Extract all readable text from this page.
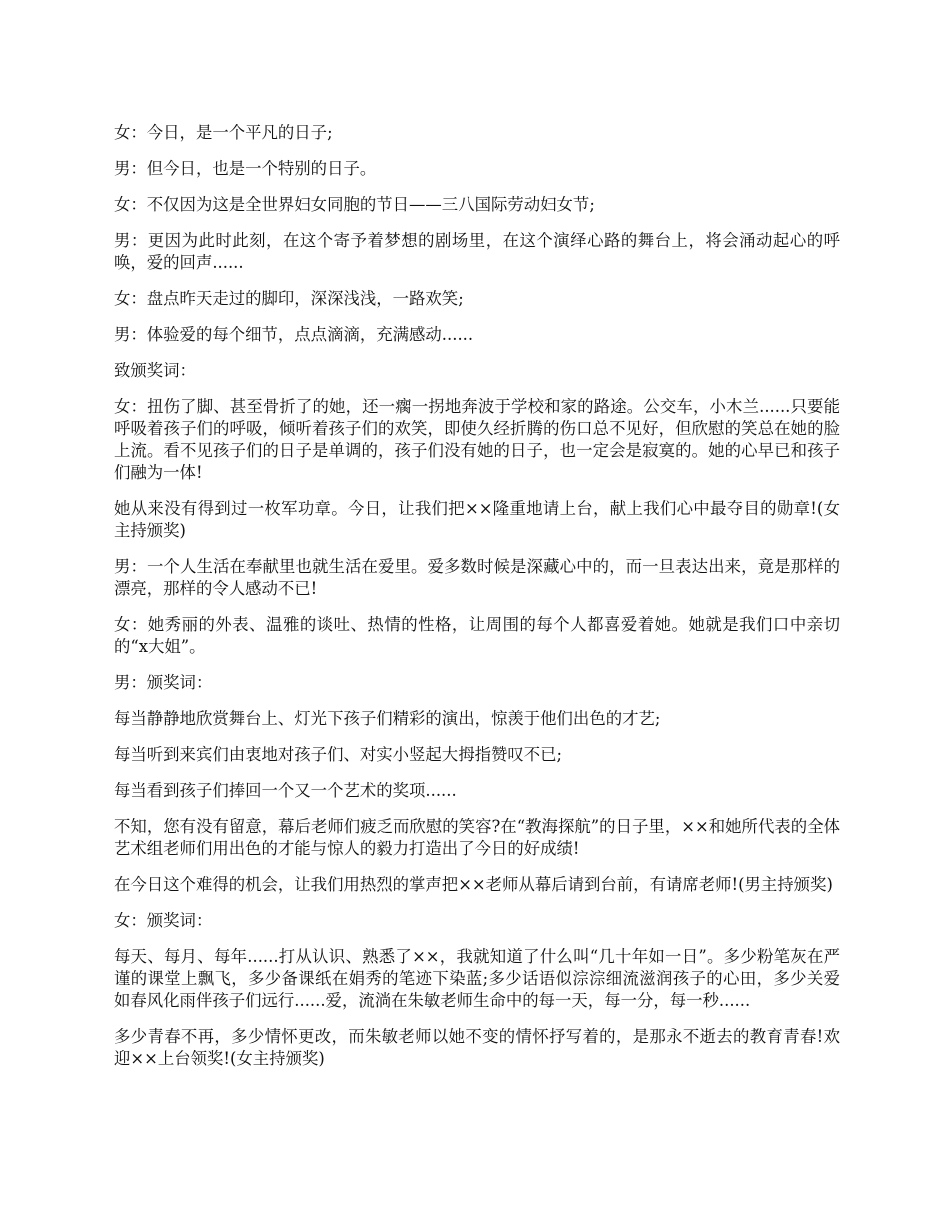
女：今日，是一个平凡的日子;

男：但今日，也是一个特别的日子。

女：不仅因为这是全世界妇女同胞的节日——三八国际劳动妇女节;

男：更因为此时此刻，在这个寄予着梦想的剧场里，在这个演绎心路的舞台上，将会涌动起心的呼唤，爱的回声......

女：盘点昨天走过的脚印，深深浅浅，一路欢笑;

男：体验爱的每个细节，点点滴滴，充满感动......

致颁奖词：

女：扭伤了脚、甚至骨折了的她，还一瘸一拐地奔波于学校和家的路途。公交车，小木兰......只要能呼吸着孩子们的呼吸，倾听着孩子们的欢笑，即使久经折腾的伤口总不见好，但欣慰的笑总在她的脸上流。看不见孩子们的日子是单调的，孩子们没有她的日子，也一定会是寂寞的。她的心早已和孩子们融为一体!

她从来没有得到过一枚军功章。今日，让我们把××隆重地请上台，献上我们心中最夺目的勋章!(女主持颁奖)

男：一个人生活在奉献里也就生活在爱里。爱多数时候是深藏心中的，而一旦表达出来，竟是那样的漂亮，那样的令人感动不已!

女：她秀丽的外表、温雅的谈吐、热情的性格，让周围的每个人都喜爱着她。她就是我们口中亲切的“x大姐”。

男：颁奖词：

每当静静地欣赏舞台上、灯光下孩子们精彩的演出，惊羡于他们出色的才艺;

每当听到来宾们由衷地对孩子们、对实小竖起大拇指赞叹不已;

每当看到孩子们捧回一个又一个艺术的奖项......

不知，您有没有留意，幕后老师们疲乏而欣慰的笑容?在“教海探航”的日子里，××和她所代表的全体艺术组老师们用出色的才能与惊人的毅力打造出了今日的好成绩!

在今日这个难得的机会，让我们用热烈的掌声把××老师从幕后请到台前，有请席老师!(男主持颁奖)

女：颁奖词：

每天、每月、每年......打从认识、熟悉了××，我就知道了什么叫“几十年如一日”。多少粉笔灰在严谨的课堂上飘飞，多少备课纸在娟秀的笔迹下染蓝;多少话语似淙淙细流滋润孩子的心田，多少关爱如春风化雨伴孩子们远行......爱，流淌在朱敏老师生命中的每一天，每一分，每一秒......

多少青春不再，多少情怀更改，而朱敏老师以她不变的情怀抒写着的，是那永不逝去的教育青春!欢迎××上台领奖!(女主持颁奖)
